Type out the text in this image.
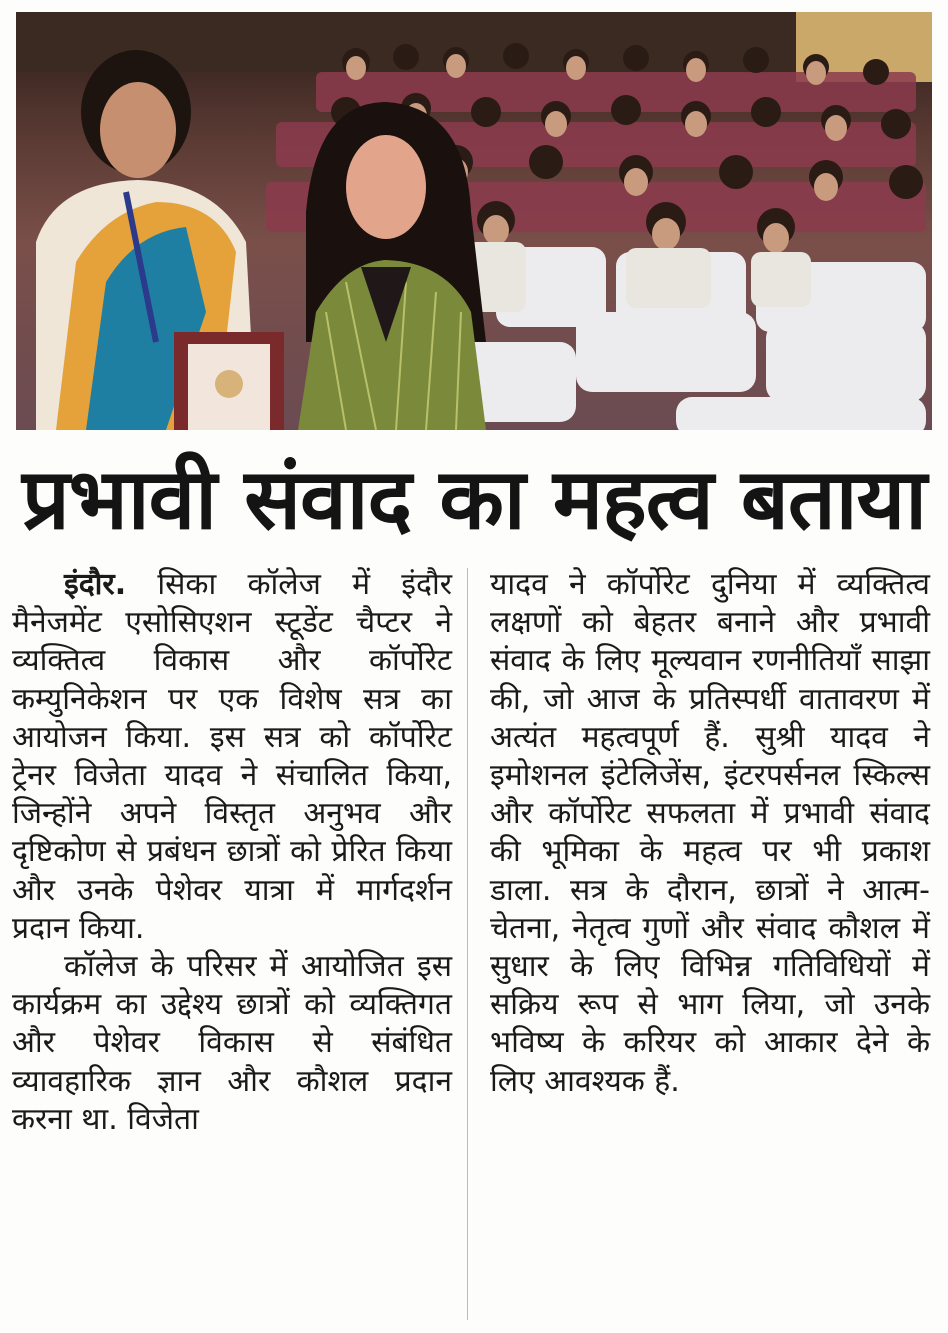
प्रभावी संवाद का महत्व बताया

इंदौर. सिका कॉलेज में इंदौर मैनेजमेंट एसोसिएशन स्टूडेंट चैप्टर ने व्यक्तित्व विकास और कॉर्पोरेट कम्युनिकेशन पर एक विशेष सत्र का आयोजन किया. इस सत्र को कॉर्पोरेट ट्रेनर विजेता यादव ने संचालित किया, जिन्होंने अपने विस्तृत अनुभव और दृष्टिकोण से प्रबंधन छात्रों को प्रेरित किया और उनके पेशेवर यात्रा में मार्गदर्शन प्रदान किया.

कॉलेज के परिसर में आयोजित इस कार्यक्रम का उद्देश्य छात्रों को व्यक्तिगत और पेशेवर विकास से संबंधित व्यावहारिक ज्ञान और कौशल प्रदान करना था. विजेता

यादव ने कॉर्पोरेट दुनिया में व्यक्तित्व लक्षणों को बेहतर बनाने और प्रभावी संवाद के लिए मूल्यवान रणनीतियाँ साझा की, जो आज के प्रतिस्पर्धी वातावरण में अत्यंत महत्वपूर्ण हैं. सुश्री यादव ने इमोशनल इंटेलिजेंस, इंटरपर्सनल स्किल्स और कॉर्पोरेट सफलता में प्रभावी संवाद की भूमिका के महत्व पर भी प्रकाश डाला. सत्र के दौरान, छात्रों ने आत्म-चेतना, नेतृत्व गुणों और संवाद कौशल में सुधार के लिए विभिन्न गतिविधियों में सक्रिय रूप से भाग लिया, जो उनके भविष्य के करियर को आकार देने के लिए आवश्यक हैं.
